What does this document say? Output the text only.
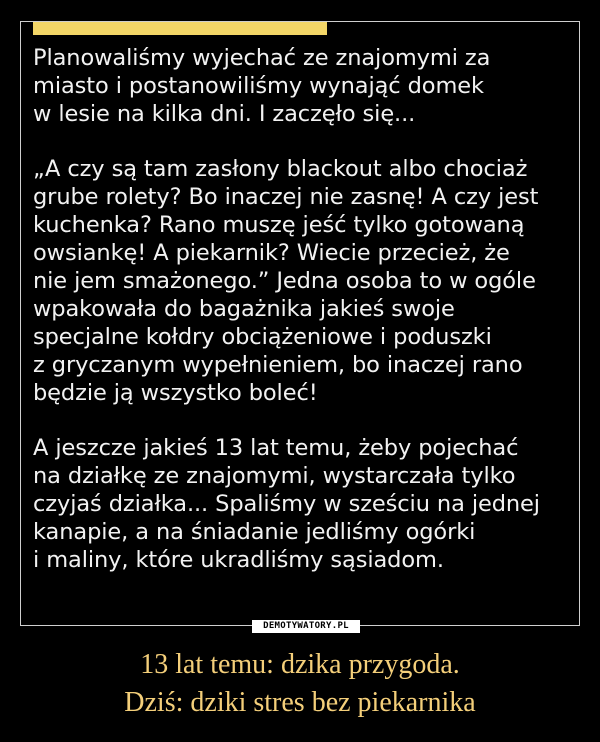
Planowaliśmy wyjechać ze znajomymi za
miasto i postanowiliśmy wynająć domek
w lesie na kilka dni. I zaczęło się...

„A czy są tam zasłony blackout albo chociaż
grube rolety? Bo inaczej nie zasnę! A czy jest
kuchenka? Rano muszę jeść tylko gotowaną
owsiankę! A piekarnik? Wiecie przecież, że
nie jem smażonego.” Jedna osoba to w ogóle
wpakowała do bagażnika jakieś swoje
specjalne kołdry obciążeniowe i poduszki
z gryczanym wypełnieniem, bo inaczej rano
będzie ją wszystko boleć!

A jeszcze jakieś 13 lat temu, żeby pojechać
na działkę ze znajomymi, wystarczała tylko
czyjaś działka... Spaliśmy w sześciu na jednej
kanapie, a na śniadanie jedliśmy ogórki
i maliny, które ukradliśmy sąsiadom.

DEMOTYWATORY.PL
13 lat temu: dzika przygoda.
Dziś: dziki stres bez piekarnika
